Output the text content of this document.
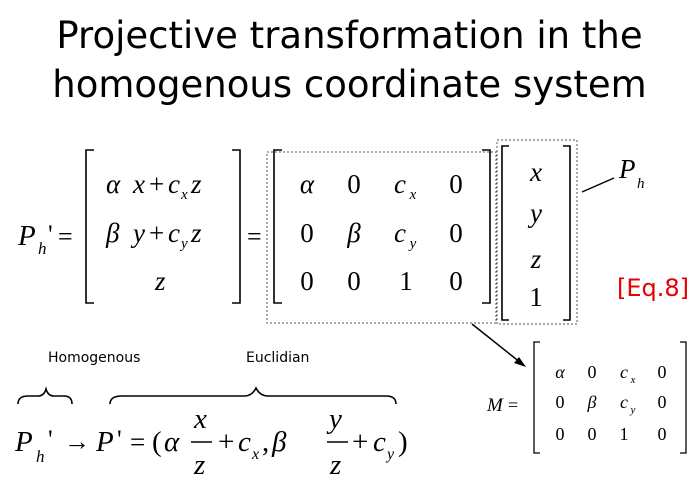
Projective transformation in the
homogenous coordinate system
P h ' =
α x + c x z
β y + c y z
z
=
α 0 c x 0
0 β c y 0
0 0 1 0
x
y
z
1
P h
[Eq.8]
M =
α 0 c x 0
0 β c y 0
0 0 1 0
Homogenous	Euclidian
P h
' → P ' = ( α
x
z
+ c x , β
y
z
+ c y )
